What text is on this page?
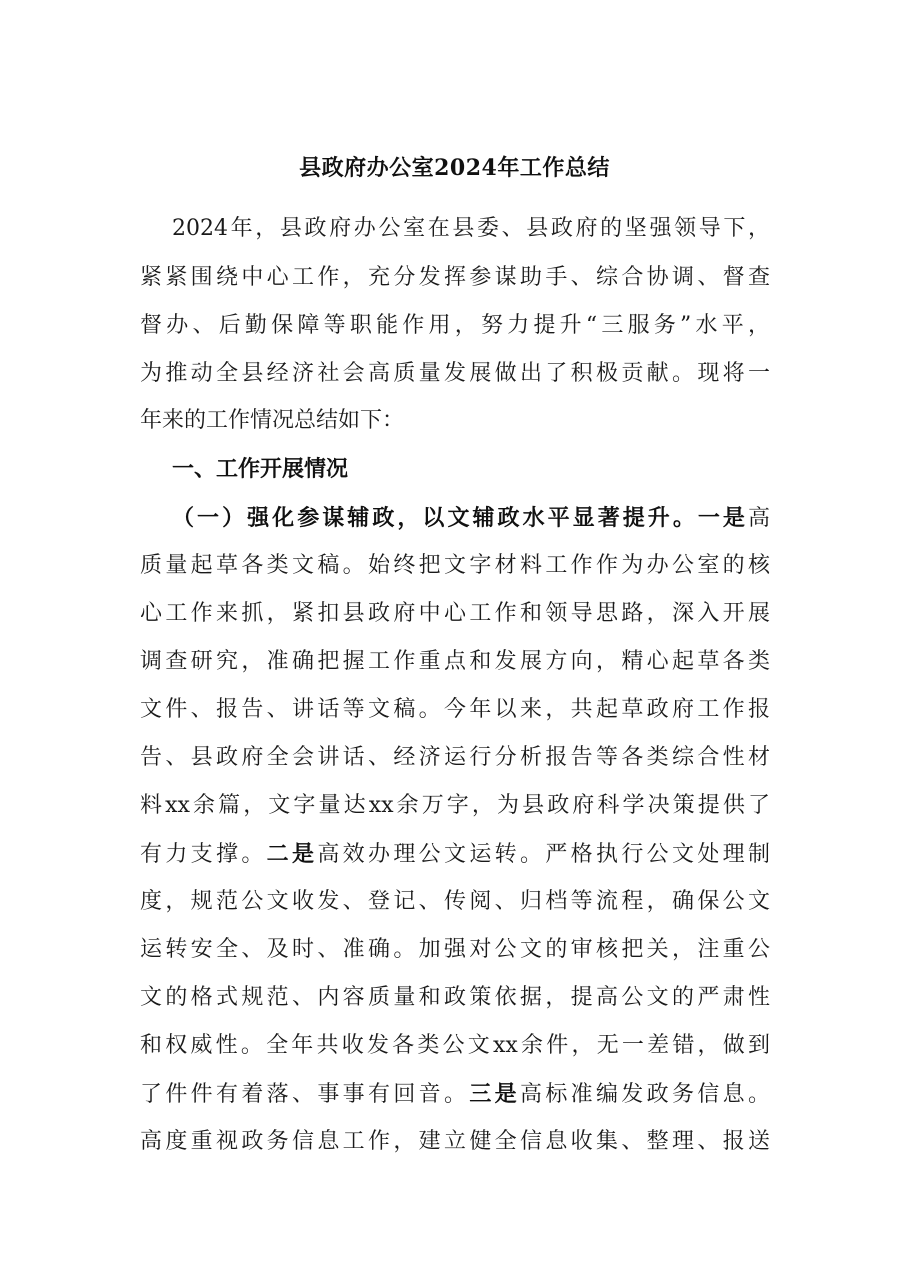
县政府办公室2024年工作总结
2024年，县政府办公室在县委、县政府的坚强领导下，
紧紧围绕中心工作，充分发挥参谋助手、综合协调、督查
督办、后勤保障等职能作用，努力提升“三服务”水平，
为推动全县经济社会高质量发展做出了积极贡献。现将一
年来的工作情况总结如下：
一、工作开展情况
（一）强化参谋辅政，以文辅政水平显著提升。一是高
质量起草各类文稿。始终把文字材料工作作为办公室的核
心工作来抓，紧扣县政府中心工作和领导思路，深入开展
调查研究，准确把握工作重点和发展方向，精心起草各类
文件、报告、讲话等文稿。今年以来，共起草政府工作报
告、县政府全会讲话、经济运行分析报告等各类综合性材
料xx余篇，文字量达xx余万字，为县政府科学决策提供了
有力支撑。二是高效办理公文运转。严格执行公文处理制
度，规范公文收发、登记、传阅、归档等流程，确保公文
运转安全、及时、准确。加强对公文的审核把关，注重公
文的格式规范、内容质量和政策依据，提高公文的严肃性
和权威性。全年共收发各类公文xx余件，无一差错，做到
了件件有着落、事事有回音。三是高标准编发政务信息。
高度重视政务信息工作，建立健全信息收集、整理、报送
